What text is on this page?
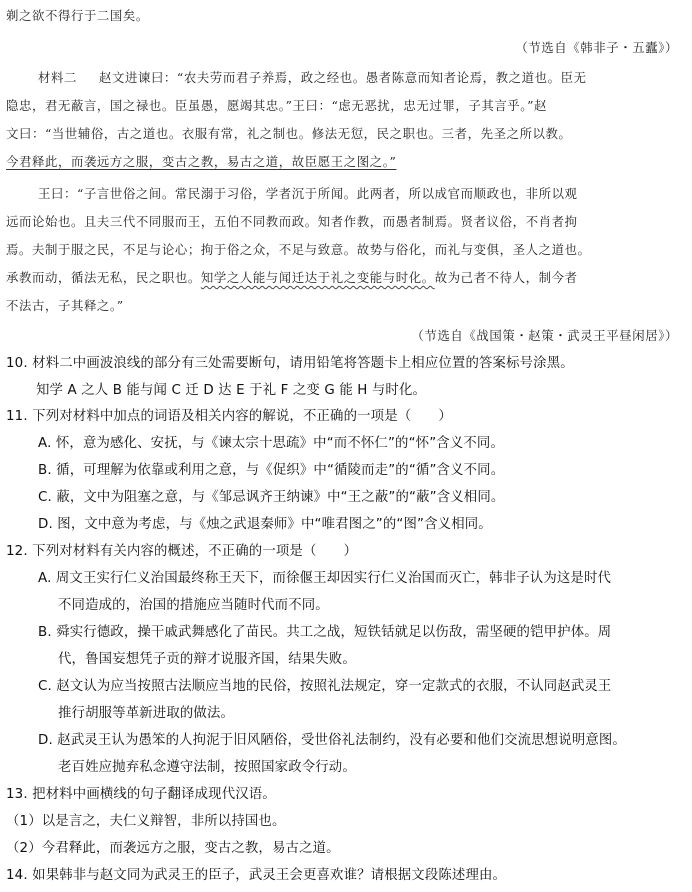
剃之欲不得行于二国矣。
（节选自《韩非子・五蠹》）
材料二 赵文进谏曰：“农夫劳而君子养焉，政之经也。愚者陈意而知者论焉，教之道也。臣无
隐忠，君无蔽言，国之禄也。臣虽愚，愿竭其忠。”王曰：“虑无恶扰，忠无过罪，子其言乎。”赵
文曰：“当世辅俗，古之道也。衣服有常，礼之制也。修法无愆，民之职也。三者，先圣之所以教。
今君释此，而袭远方之服，变古之教，易古之道，故臣愿王之图之。”
王曰：“子言世俗之间。常民溺于习俗，学者沉于所闻。此两者，所以成官而顺政也，非所以观
远而论始也。且夫三代不同服而王，五伯不同教而政。知者作教，而愚者制焉。贤者议俗，不肖者拘
焉。夫制于服之民，不足与论心；拘于俗之众，不足与致意。故势与俗化，而礼与变俱，圣人之道也。
承教而动，循法无私，民之职也。知学之人能与闻迁达于礼之变能与时化。故为己者不待人，制今者
不法古，子其释之。”
（节选自《战国策・赵策・武灵王平昼闲居》）
10. 材料二中画波浪线的部分有三处需要断句，请用铅笔将答题卡上相应位置的答案标号涂黑。
知学 A 之人 B 能与闻 C 迁 D 达 E 于礼 F 之变 G 能 H 与时化。
11. 下列对材料中加点的词语及相关内容的解说，不正确的一项是（　　）
A. 怀，意为感化、安抚，与《谏太宗十思疏》中“而不怀仁”的“怀”含义不同。
B. 循，可理解为依靠或利用之意，与《促织》中“循陵而走”的“循”含义不同。
C. 蔽，文中为阻塞之意，与《邹忌讽齐王纳谏》中“王之蔽”的“蔽”含义相同。
D. 图，文中意为考虑，与《烛之武退秦师》中“唯君图之”的“图”含义相同。
12. 下列对材料有关内容的概述，不正确的一项是（　　）
A. 周文王实行仁义治国最终称王天下，而徐偃王却因实行仁义治国而灭亡，韩非子认为这是时代
不同造成的，治国的措施应当随时代而不同。
B. 舜实行德政，操干戚武舞感化了苗民。共工之战，短铁铦就足以伤敌，需坚硬的铠甲护体。周
代，鲁国妄想凭子贡的辩才说服齐国，结果失败。
C. 赵文认为应当按照古法顺应当地的民俗，按照礼法规定，穿一定款式的衣服，不认同赵武灵王
推行胡服等革新进取的做法。
D. 赵武灵王认为愚笨的人拘泥于旧风陋俗，受世俗礼法制约，没有必要和他们交流思想说明意图。
老百姓应抛弃私念遵守法制，按照国家政令行动。
13. 把材料中画横线的句子翻译成现代汉语。
（1）以是言之，夫仁义辩智，非所以持国也。
（2）今君释此，而袭远方之服，变古之教，易古之道。
14. 如果韩非与赵文同为武灵王的臣子，武灵王会更喜欢谁？请根据文段陈述理由。
